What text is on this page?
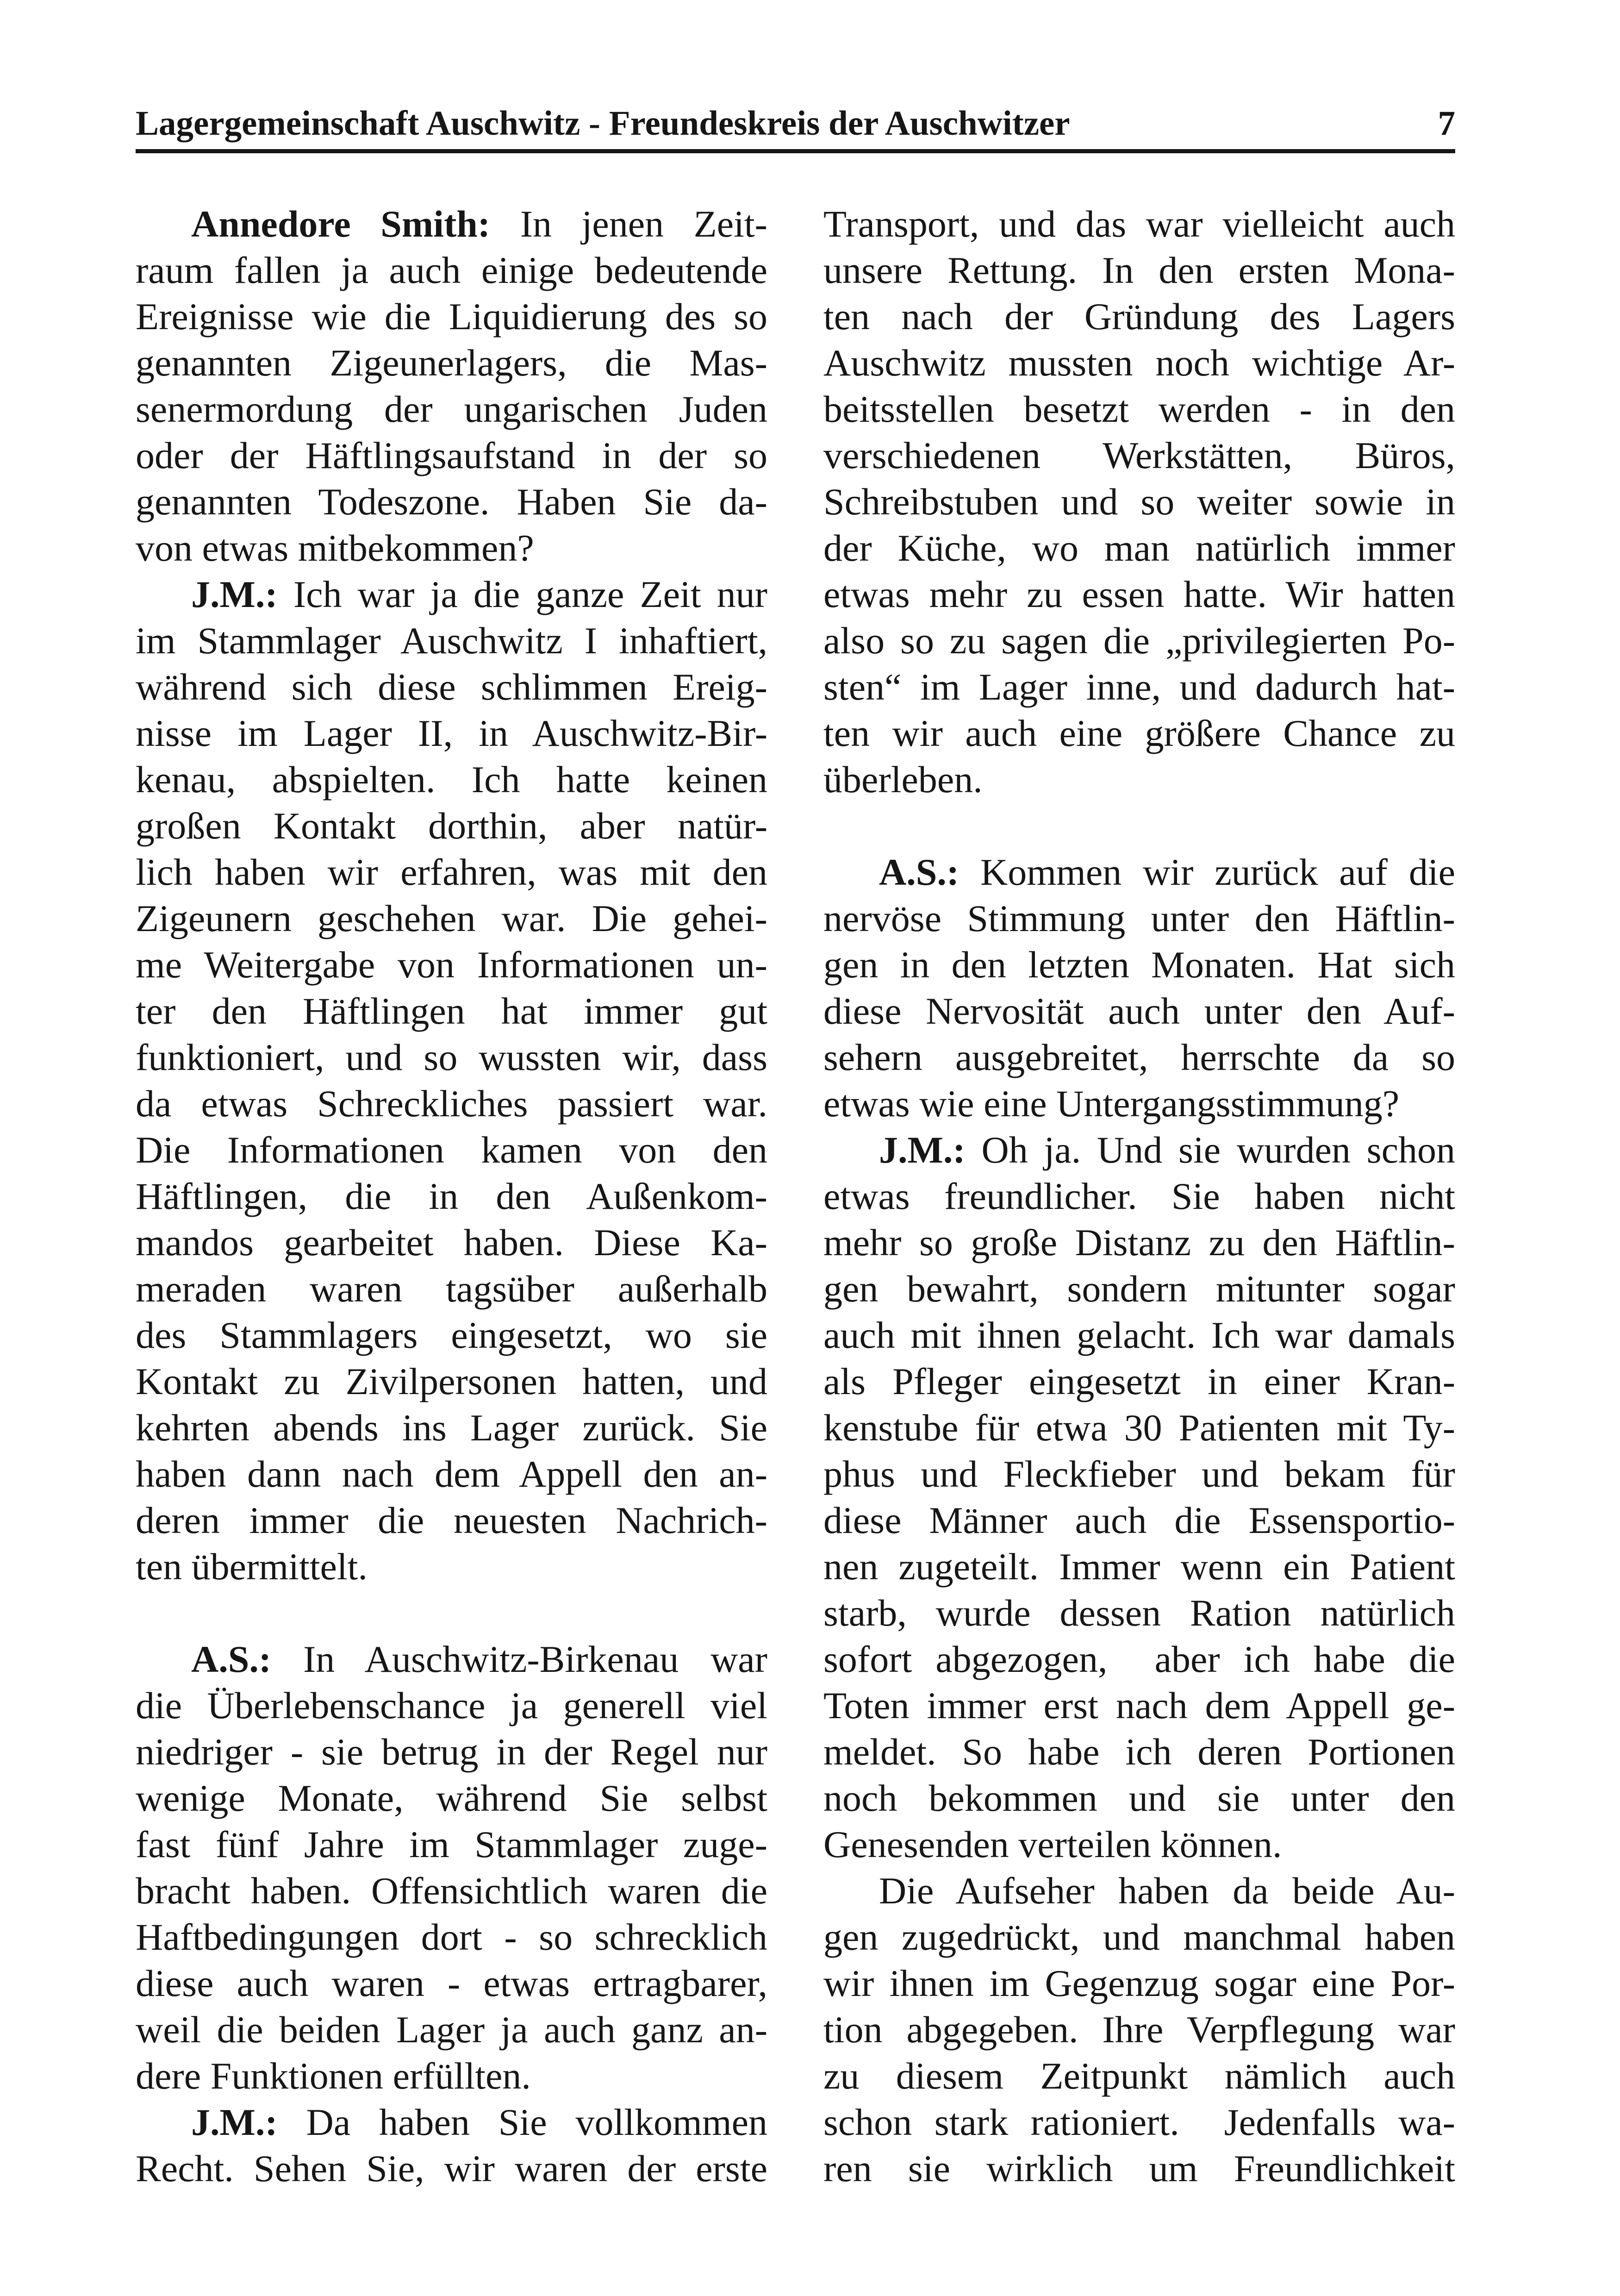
Lagergemeinschaft Auschwitz - Freundeskreis der Auschwitzer	7
Annedore Smith: In jenen Zeit-
raum fallen ja auch einige bedeutende
Ereignisse wie die Liquidierung des so
genannten Zigeunerlagers, die Mas-
senermordung der ungarischen Juden
oder der Häftlingsaufstand in der so
genannten Todeszone. Haben Sie da-
von etwas mitbekommen?
J.M.: Ich war ja die ganze Zeit nur
im Stammlager Auschwitz I inhaftiert,
während sich diese schlimmen Ereig-
nisse im Lager II, in Auschwitz-Bir-
kenau, abspielten. Ich hatte keinen
großen Kontakt dorthin, aber natür-
lich haben wir erfahren, was mit den
Zigeunern geschehen war. Die gehei-
me Weitergabe von Informationen un-
ter den Häftlingen hat immer gut
funktioniert, und so wussten wir, dass
da etwas Schreckliches passiert war.
Die Informationen kamen von den
Häftlingen, die in den Außenkom-
mandos gearbeitet haben. Diese Ka-
meraden waren tagsüber außerhalb
des Stammlagers eingesetzt, wo sie
Kontakt zu Zivilpersonen hatten, und
kehrten abends ins Lager zurück. Sie
haben dann nach dem Appell den an-
deren immer die neuesten Nachrich-
ten übermittelt.
A.S.: In Auschwitz-Birkenau war
die Überlebenschance ja generell viel
niedriger - sie betrug in der Regel nur
wenige Monate, während Sie selbst
fast fünf Jahre im Stammlager zuge-
bracht haben. Offensichtlich waren die
Haftbedingungen dort - so schrecklich
diese auch waren - etwas ertragbarer,
weil die beiden Lager ja auch ganz an-
dere Funktionen erfüllten.
J.M.: Da haben Sie vollkommen
Recht. Sehen Sie, wir waren der erste
Transport, und das war vielleicht auch
unsere Rettung. In den ersten Mona-
ten nach der Gründung des Lagers
Auschwitz mussten noch wichtige Ar-
beitsstellen besetzt werden - in den
verschiedenen Werkstätten, Büros,
Schreibstuben und so weiter sowie in
der Küche, wo man natürlich immer
etwas mehr zu essen hatte. Wir hatten
also so zu sagen die „privilegierten Po-
sten“ im Lager inne, und dadurch hat-
ten wir auch eine größere Chance zu
überleben.
A.S.: Kommen wir zurück auf die
nervöse Stimmung unter den Häftlin-
gen in den letzten Monaten. Hat sich
diese Nervosität auch unter den Auf-
sehern ausgebreitet, herrschte da so
etwas wie eine Untergangsstimmung?
J.M.: Oh ja. Und sie wurden schon
etwas freundlicher. Sie haben nicht
mehr so große Distanz zu den Häftlin-
gen bewahrt, sondern mitunter sogar
auch mit ihnen gelacht. Ich war damals
als Pfleger eingesetzt in einer Kran-
kenstube für etwa 30 Patienten mit Ty-
phus und Fleckfieber und bekam für
diese Männer auch die Essensportio-
nen zugeteilt. Immer wenn ein Patient
starb, wurde dessen Ration natürlich
sofort abgezogen,  aber ich habe die
Toten immer erst nach dem Appell ge-
meldet. So habe ich deren Portionen
noch bekommen und sie unter den
Genesenden verteilen können.
Die Aufseher haben da beide Au-
gen zugedrückt, und manchmal haben
wir ihnen im Gegenzug sogar eine Por-
tion abgegeben. Ihre Verpflegung war
zu diesem Zeitpunkt nämlich auch
schon stark rationiert.  Jedenfalls wa-
ren sie wirklich um Freundlichkeit
